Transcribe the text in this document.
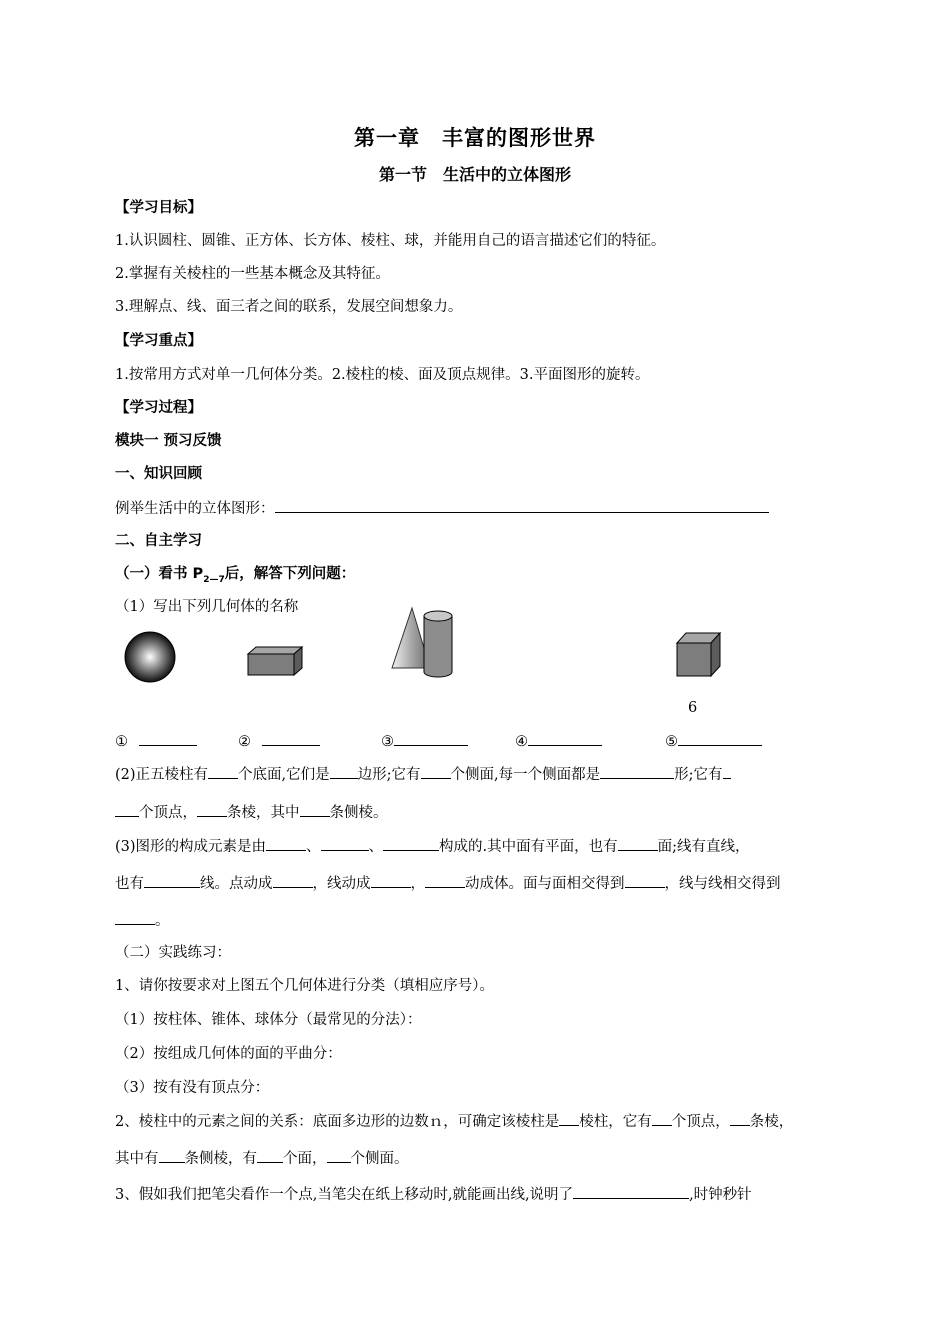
第一章　丰富的图形世界
第一节　生活中的立体图形
【学习目标】
1.认识圆柱、圆锥、正方体、长方体、棱柱、球，并能用自己的语言描述它们的特征。
2.掌握有关棱柱的一些基本概念及其特征。
3.理解点、线、面三者之间的联系，发展空间想象力。
【学习重点】
1.按常用方式对单一几何体分类。2.棱柱的棱、面及顶点规律。3.平面图形的旋转。
【学习过程】
模块一 预习反馈
一、知识回顾
例举生活中的立体图形：
二、自主学习
（一）看书 $P_{2—7}$后，解答下列问题：
（1）写出下列几何体的名称
6
①	②	③	④	⑤
(2)正五棱柱有 个底面,它们是 边形;它有 个侧面,每一个侧面都是	形;它有
个顶点， 条棱，其中 条侧棱。
(3)图形的构成元素是由	、	、	构成的.其中面有平面，也有	面;线有直线，
也有	线。点动成	，线动成	，	动成体。面与面相交得到	，线与线相交得到
。
（二）实践练习：
1、请你按要求对上图五个几何体进行分类（填相应序号）。
（1）按柱体、锥体、球体分（最常见的分法）：
（2）按组成几何体的面的平曲分：
（3）按有没有顶点分：
2、棱柱中的元素之间的关系：底面多边形的边数ｎ，可确定该棱柱是 棱柱，它有 个顶点， 条棱，
其中有 条侧棱，有 个面， 个侧面。
3、假如我们把笔尖看作一个点,当笔尖在纸上移动时,就能画出线,说明了	,时钟秒针
